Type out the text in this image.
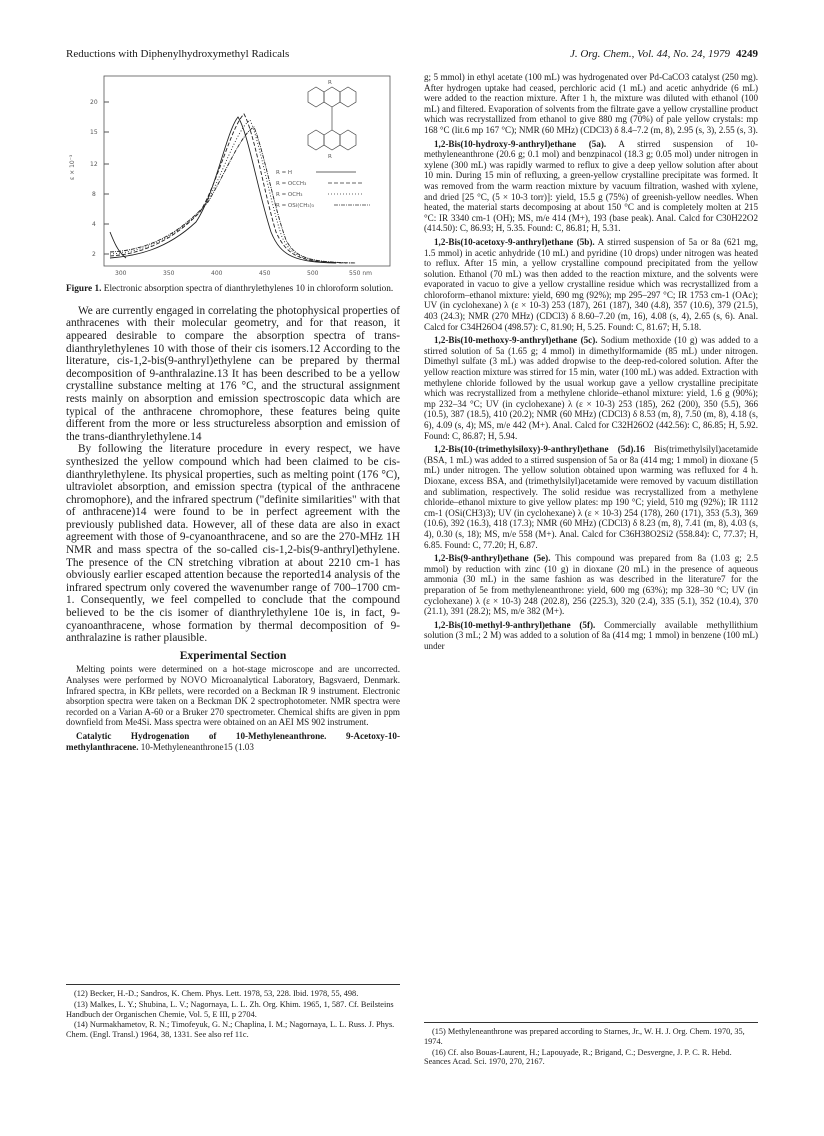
Reductions with Diphenylhydroxymethyl Radicals	J. Org. Chem., Vol. 44, No. 24, 1979 4249
20
15
12
8
4
2
ε × 10⁻³
300	350	400	450	500	550 nm
R
R
R = H
R = OCCH₃
R = OCH₃
R = OSi(CH₃)₃
Figure 1. Electronic absorption spectra of dianthrylethylenes 10 in chloroform solution.

We are currently engaged in correlating the photophysical properties of anthracenes with their molecular geometry, and for that reason, it appeared desirable to compare the absorption spectra of trans-dianthrylethylenes 10 with those of their cis isomers.12 According to the literature, cis-1,2-bis(9-anthryl)ethylene can be prepared by thermal decomposition of 9-anthralazine.13 It has been described to be a yellow crystalline substance melting at 176 °C, and the structural assignment rests mainly on absorption and emission spectroscopic data which are typical of the anthracene chromophore, these features being quite different from the more or less structureless absorption and emission of the trans-dianthrylethylene.14

By following the literature procedure in every respect, we have synthesized the yellow compound which had been claimed to be cis-dianthrylethylene. Its physical properties, such as melting point (176 °C), ultraviolet absorption, and emission spectra (typical of the anthracene chromophore), and the infrared spectrum ("definite similarities" with that of anthracene)14 were found to be in perfect agreement with the previously published data. However, all of these data are also in exact agreement with those of 9-cyanoanthracene, and so are the 270-MHz 1H NMR and mass spectra of the so-called cis-1,2-bis(9-anthryl)ethylene. The presence of the CN stretching vibration at about 2210 cm-1 has obviously earlier escaped attention because the reported14 analysis of the infrared spectrum only covered the wavenumber range of 700–1700 cm-1. Consequently, we feel compelled to conclude that the compound believed to be the cis isomer of dianthrylethylene 10e is, in fact, 9-cyanoanthracene, whose formation by thermal decomposition of 9-anthralazine is rather plausible.

Experimental Section

Melting points were determined on a hot-stage microscope and are uncorrected. Analyses were performed by NOVO Microanalytical Laboratory, Bagsvaerd, Denmark. Infrared spectra, in KBr pellets, were recorded on a Beckman IR 9 instrument. Electronic absorption spectra were taken on a Beckman DK 2 spectrophotometer. NMR spectra were recorded on a Varian A-60 or a Bruker 270 spectrometer. Chemical shifts are given in ppm downfield from Me4Si. Mass spectra were obtained on an AEI MS 902 instrument.

Catalytic Hydrogenation of 10-Methyleneanthrone. 9-Acetoxy-10-methylanthracene. 10-Methyleneanthrone15 (1.03

(12) Becker, H.-D.; Sandros, K. Chem. Phys. Lett. 1978, 53, 228. Ibid. 1978, 55, 498.

(13) Malkes, L. Y.; Shubina, L. V.; Nagornaya, L. L. Zh. Org. Khim. 1965, 1, 587. Cf. Beilsteins Handbuch der Organischen Chemie, Vol. 5, E III, p 2704.

(14) Nurmakhametov, R. N.; Timofeyuk, G. N.; Chaplina, I. M.; Nagornaya, L. L. Russ. J. Phys. Chem. (Engl. Transl.) 1964, 38, 1331. See also ref 11c.

g; 5 mmol) in ethyl acetate (100 mL) was hydrogenated over Pd-CaCO3 catalyst (250 mg). After hydrogen uptake had ceased, perchloric acid (1 mL) and acetic anhydride (6 mL) were added to the reaction mixture. After 1 h, the mixture was diluted with ethanol (100 mL) and filtered. Evaporation of solvents from the filtrate gave a yellow crystalline product which was recrystallized from ethanol to give 880 mg (70%) of pale yellow crystals: mp 168 °C (lit.6 mp 167 °C); NMR (60 MHz) (CDCl3) δ 8.4–7.2 (m, 8), 2.95 (s, 3), 2.55 (s, 3).

1,2-Bis(10-hydroxy-9-anthryl)ethane (5a). A stirred suspension of 10-methyleneanthrone (20.6 g; 0.1 mol) and benzpinacol (18.3 g; 0.05 mol) under nitrogen in xylene (300 mL) was rapidly warmed to reflux to give a deep yellow solution after about 10 min. During 15 min of refluxing, a green-yellow crystalline precipitate was formed. It was removed from the warm reaction mixture by vacuum filtration, washed with xylene, and dried [25 °C, (5 × 10-3 torr)]: yield, 15.5 g (75%) of greenish-yellow needles. When heated, the material starts decomposing at about 150 °C and is completely molten at 215 °C: IR 3340 cm-1 (OH); MS, m/e 414 (M+), 193 (base peak). Anal. Calcd for C30H22O2 (414.50): C, 86.93; H, 5.35. Found: C, 86.81; H, 5.31.

1,2-Bis(10-acetoxy-9-anthryl)ethane (5b). A stirred suspension of 5a or 8a (621 mg, 1.5 mmol) in acetic anhydride (10 mL) and pyridine (10 drops) under nitrogen was heated to reflux. After 15 min, a yellow crystalline compound precipitated from the yellow solution. Ethanol (70 mL) was then added to the reaction mixture, and the solvents were evaporated in vacuo to give a yellow crystalline residue which was recrystallized from a chloroform–ethanol mixture: yield, 690 mg (92%); mp 295–297 °C; IR 1753 cm-1 (OAc); UV (in cyclohexane) λ (ε × 10-3) 253 (187), 261 (187), 340 (4.8), 357 (10.6), 379 (21.5), 403 (24.3); NMR (270 MHz) (CDCl3) δ 8.60–7.20 (m, 16), 4.08 (s, 4), 2.65 (s, 6). Anal. Calcd for C34H26O4 (498.57): C, 81.90; H, 5.25. Found: C, 81.67; H, 5.18.

1,2-Bis(10-methoxy-9-anthryl)ethane (5c). Sodium methoxide (10 g) was added to a stirred solution of 5a (1.65 g; 4 mmol) in dimethylformamide (85 mL) under nitrogen. Dimethyl sulfate (3 mL) was added dropwise to the deep-red-colored solution. After the yellow reaction mixture was stirred for 15 min, water (100 mL) was added. Extraction with methylene chloride followed by the usual workup gave a yellow crystalline precipitate which was recrystallized from a methylene chloride–ethanol mixture: yield, 1.6 g (90%); mp 232–34 °C; UV (in cyclohexane) λ (ε × 10-3) 253 (185), 262 (200), 350 (5.5), 366 (10.5), 387 (18.5), 410 (20.2); NMR (60 MHz) (CDCl3) δ 8.53 (m, 8), 7.50 (m, 8), 4.18 (s, 6), 4.09 (s, 4); MS, m/e 442 (M+). Anal. Calcd for C32H26O2 (442.56): C, 86.85; H, 5.92. Found: C, 86.87; H, 5.94.

1,2-Bis(10-(trimethylsiloxy)-9-anthryl)ethane (5d).16 Bis(trimethylsilyl)acetamide (BSA, 1 mL) was added to a stirred suspension of 5a or 8a (414 mg; 1 mmol) in dioxane (5 mL) under nitrogen. The yellow solution obtained upon warming was refluxed for 4 h. Dioxane, excess BSA, and (trimethylsilyl)acetamide were removed by vacuum distillation and sublimation, respectively. The solid residue was recrystallized from a methylene chloride–ethanol mixture to give yellow plates: mp 190 °C; yield, 510 mg (92%); IR 1112 cm-1 (OSi(CH3)3); UV (in cyclohexane) λ (ε × 10-3) 254 (178), 260 (171), 353 (5.3), 369 (10.6), 392 (16.3), 418 (17.3); NMR (60 MHz) (CDCl3) δ 8.23 (m, 8), 7.41 (m, 8), 4.03 (s, 4), 0.30 (s, 18); MS, m/e 558 (M+). Anal. Calcd for C36H38O2Si2 (558.84): C, 77.37; H, 6.85. Found: C, 77.20; H, 6.87.

1,2-Bis(9-anthryl)ethane (5e). This compound was prepared from 8a (1.03 g; 2.5 mmol) by reduction with zinc (10 g) in dioxane (20 mL) in the presence of aqueous ammonia (30 mL) in the same fashion as was described in the literature7 for the preparation of 5e from methyleneanthrone: yield, 600 mg (63%); mp 328–30 °C; UV (in cyclohexane) λ (ε × 10-3) 248 (202.8), 256 (225.3), 320 (2.4), 335 (5.1), 352 (10.4), 370 (21.1), 391 (28.2); MS, m/e 382 (M+).

1,2-Bis(10-methyl-9-anthryl)ethane (5f). Commercially available methyllithium solution (3 mL; 2 M) was added to a solution of 8a (414 mg; 1 mmol) in benzene (100 mL) under

(15) Methyleneanthrone was prepared according to Starnes, Jr., W. H. J. Org. Chem. 1970, 35, 1974.

(16) Cf. also Bouas-Laurent, H.; Lapouyade, R.; Brigand, C.; Desvergne, J. P. C. R. Hebd. Seances Acad. Sci. 1970, 270, 2167.
